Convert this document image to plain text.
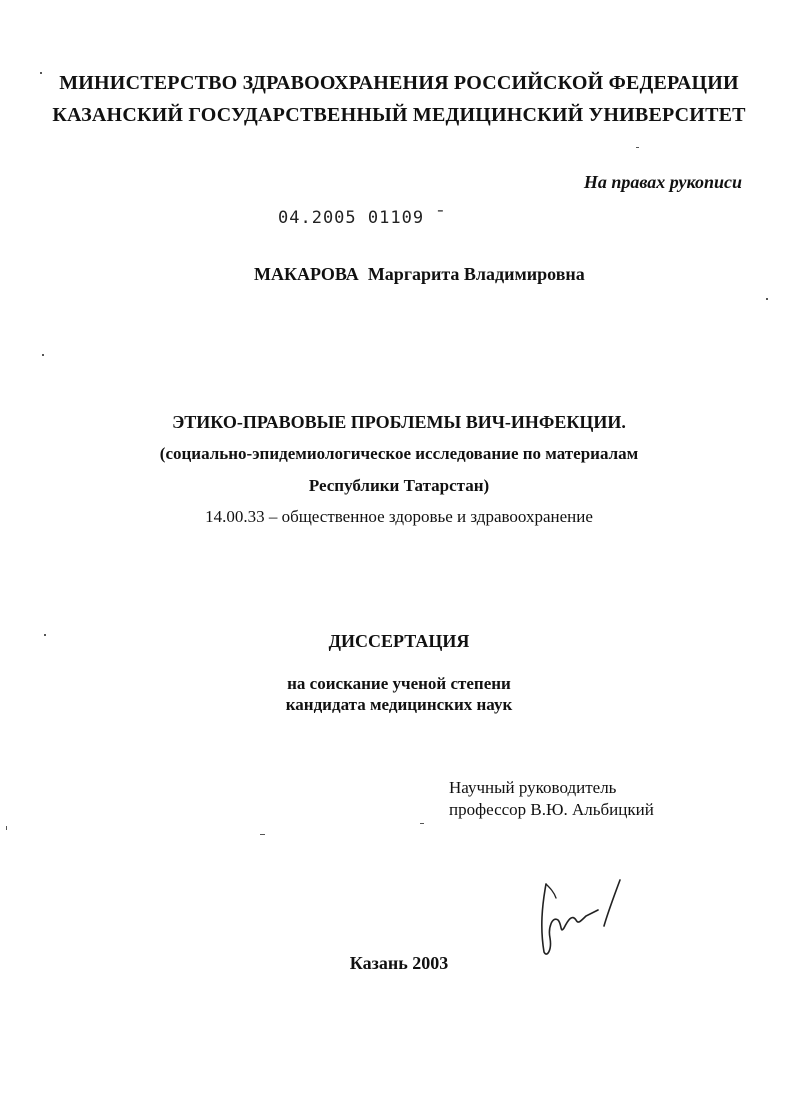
МИНИСТЕРСТВО ЗДРАВООХРАНЕНИЯ РОССИЙСКОЙ ФЕДЕРАЦИИ
КАЗАНСКИЙ ГОСУДАРСТВЕННЫЙ МЕДИЦИНСКИЙ УНИВЕРСИТЕТ
На правах рукописи
04.2005 01109 ˉ
МАКАРОВА Маргарита Владимировна
ЭТИКО-ПРАВОВЫЕ ПРОБЛЕМЫ ВИЧ-ИНФЕКЦИИ.
(социально-эпидемиологическое исследование по материалам
Республики Татарстан)
14.00.33 – общественное здоровье и здравоохранение
ДИССЕРТАЦИЯ
на соискание ученой степени
кандидата медицинских наук
Научный руководитель
профессор В.Ю. Альбицкий
Казань 2003
